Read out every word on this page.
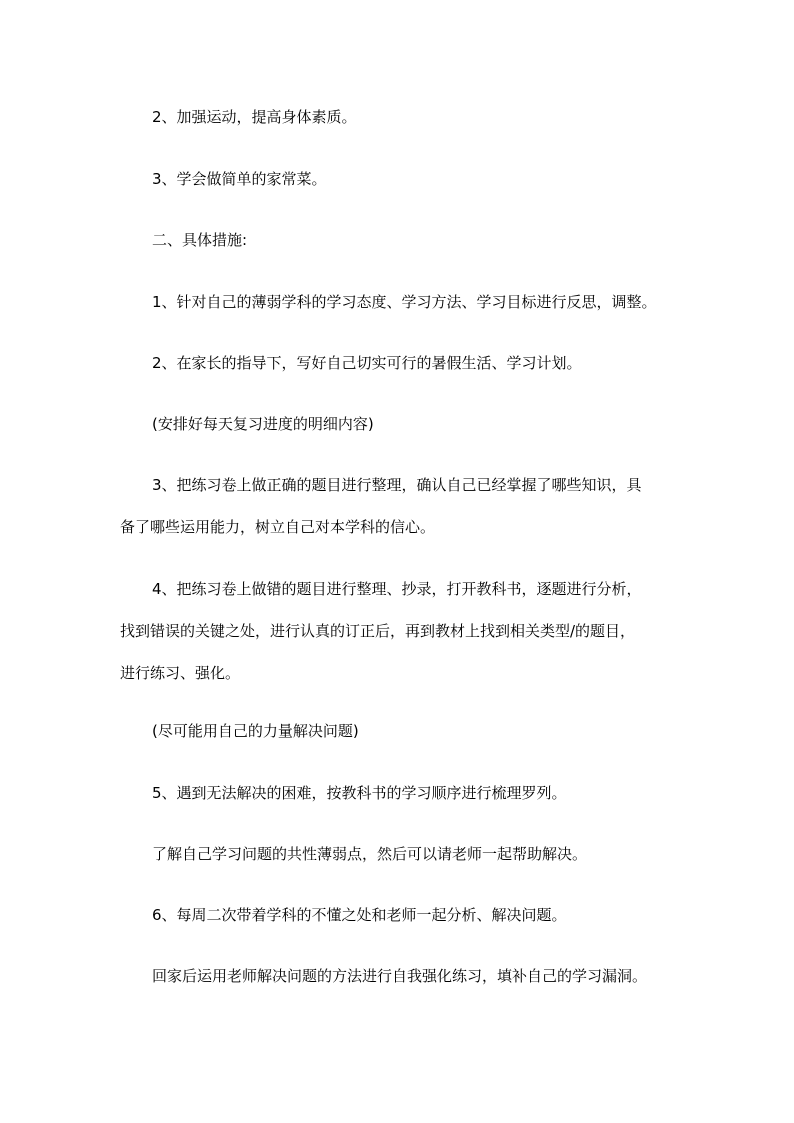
2、加强运动，提高身体素质。
3、学会做简单的家常菜。
二、具体措施:
1、针对自己的薄弱学科的学习态度、学习方法、学习目标进行反思，调整。
2、在家长的指导下，写好自己切实可行的暑假生活、学习计划。
(安排好每天复习进度的明细内容)
3、把练习卷上做正确的题目进行整理，确认自己已经掌握了哪些知识，具
备了哪些运用能力，树立自己对本学科的信心。
4、把练习卷上做错的题目进行整理、抄录，打开教科书，逐题进行分析，
找到错误的关键之处，进行认真的订正后，再到教材上找到相关类型/的题目，
进行练习、强化。
(尽可能用自己的力量解决问题)
5、遇到无法解决的困难，按教科书的学习顺序进行梳理罗列。
了解自己学习问题的共性薄弱点，然后可以请老师一起帮助解决。
6、每周二次带着学科的不懂之处和老师一起分析、解决问题。
回家后运用老师解决问题的方法进行自我强化练习，填补自己的学习漏洞。
